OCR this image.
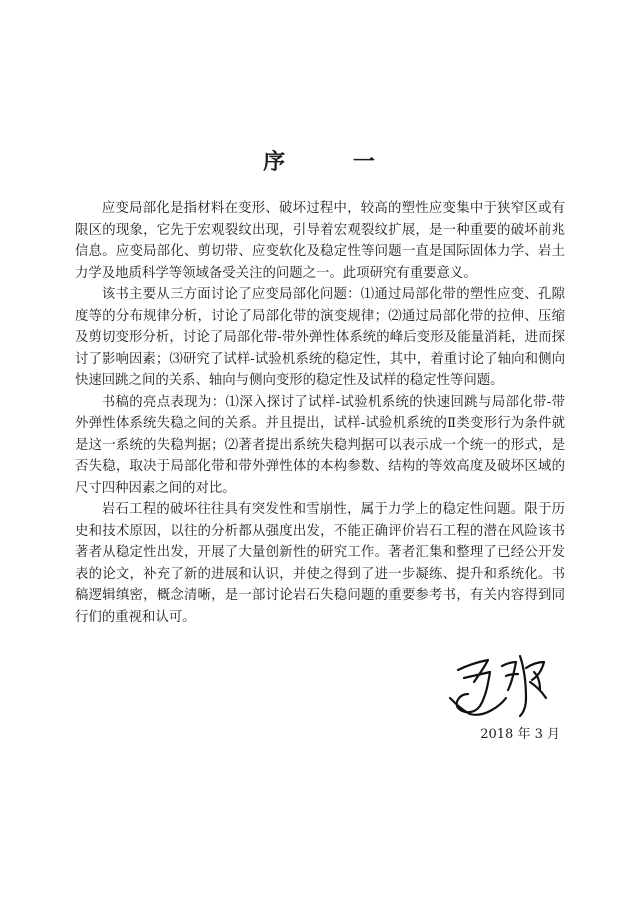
序 一

应变局部化是指材料在变形、破坏过程中，较高的塑性应变集中于狭窄区或有限区的现象，它先于宏观裂纹出现，引导着宏观裂纹扩展，是一种重要的破坏前兆信息。应变局部化、剪切带、应变软化及稳定性等问题一直是国际固体力学、岩土力学及地质科学等领域备受关注的问题之一。此项研究有重要意义。

该书主要从三方面讨论了应变局部化问题：⑴通过局部化带的塑性应变、孔隙度等的分布规律分析，讨论了局部化带的演变规律；⑵通过局部化带的拉伸、压缩及剪切变形分析，讨论了局部化带-带外弹性体系统的峰后变形及能量消耗，进而探讨了影响因素；⑶研究了试样-试验机系统的稳定性，其中，着重讨论了轴向和侧向快速回跳之间的关系、轴向与侧向变形的稳定性及试样的稳定性等问题。

书稿的亮点表现为：⑴深入探讨了试样-试验机系统的快速回跳与局部化带-带外弹性体系统失稳之间的关系。并且提出，试样-试验机系统的Ⅱ类变形行为条件就是这一系统的失稳判据；⑵著者提出系统失稳判据可以表示成一个统一的形式，是否失稳，取决于局部化带和带外弹性体的本构参数、结构的等效高度及破坏区域的尺寸四种因素之间的对比。

岩石工程的破坏往往具有突发性和雪崩性，属于力学上的稳定性问题。限于历史和技术原因，以往的分析都从强度出发，不能正确评价岩石工程的潜在风险该书著者从稳定性出发，开展了大量创新性的研究工作。著者汇集和整理了已经公开发表的论文，补充了新的进展和认识，并使之得到了进一步凝练、提升和系统化。书稿逻辑缜密，概念清晰，是一部讨论岩石失稳问题的重要参考书，有关内容得到同行们的重视和认可。

2018 年 3 月
